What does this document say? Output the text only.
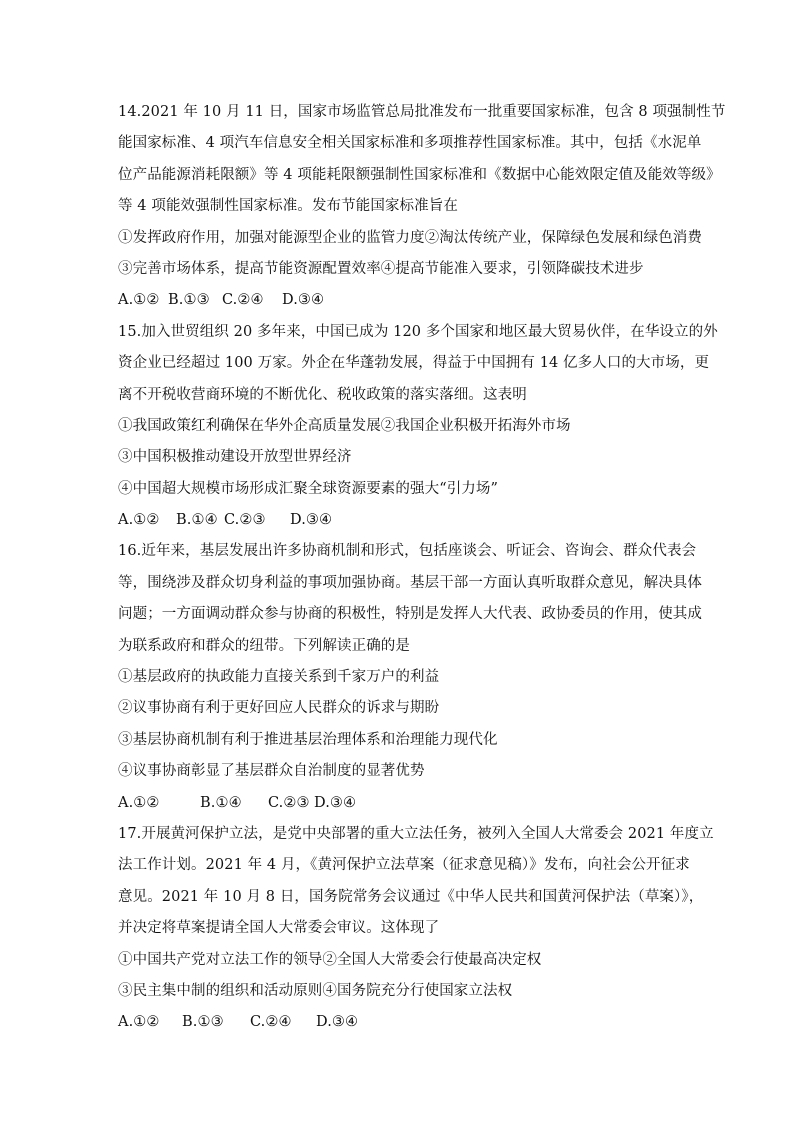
14.2021 年 10 月 11 日，国家市场监管总局批准发布一批重要国家标准，包含 8 项强制性节
能国家标准、4 项汽车信息安全相关国家标准和多项推荐性国家标准。其中，包括《水泥单
位产品能源消耗限额》等 4 项能耗限额强制性国家标准和《数据中心能效限定值及能效等级》
等 4 项能效强制性国家标准。发布节能国家标准旨在
①发挥政府作用，加强对能源型企业的监管力度②淘汰传统产业，保障绿色发展和绿色消费
③完善市场体系，提高节能资源配置效率④提高节能准入要求，引领降碳技术进步
A.①② B.①③ C.②④ D.③④
15.加入世贸组织 20 多年来，中国已成为 120 多个国家和地区最大贸易伙伴，在华设立的外
资企业已经超过 100 万家。外企在华蓬勃发展，得益于中国拥有 14 亿多人口的大市场，更
离不开税收营商环境的不断优化、税收政策的落实落细。这表明
①我国政策红利确保在华外企高质量发展②我国企业积极开拓海外市场
③中国积极推动建设开放型世界经济
④中国超大规模市场形成汇聚全球资源要素的强大“引力场”
A.①② B.①④ C.②③ D.③④
16.近年来，基层发展出许多协商机制和形式，包括座谈会、听证会、咨询会、群众代表会
等，围绕涉及群众切身利益的事项加强协商。基层干部一方面认真听取群众意见，解决具体
问题；一方面调动群众参与协商的积极性，特别是发挥人大代表、政协委员的作用，使其成
为联系政府和群众的纽带。下列解读正确的是
①基层政府的执政能力直接关系到千家万户的利益
②议事协商有利于更好回应人民群众的诉求与期盼
③基层协商机制有利于推进基层治理体系和治理能力现代化
④议事协商彰显了基层群众自治制度的显著优势
A.①②	B.①④ C.②③ D.③④
17.开展黄河保护立法，是党中央部署的重大立法任务，被列入全国人大常委会 2021 年度立
法工作计划。2021 年 4 月，《黄河保护立法草案（征求意见稿）》发布，向社会公开征求
意见。2021 年 10 月 8 日，国务院常务会议通过《中华人民共和国黄河保护法（草案）》，
并决定将草案提请全国人大常委会审议。这体现了
①中国共产党对立法工作的领导②全国人大常委会行使最高决定权
③民主集中制的组织和活动原则④国务院充分行使国家立法权
A.①② B.①③ C.②④ D.③④
